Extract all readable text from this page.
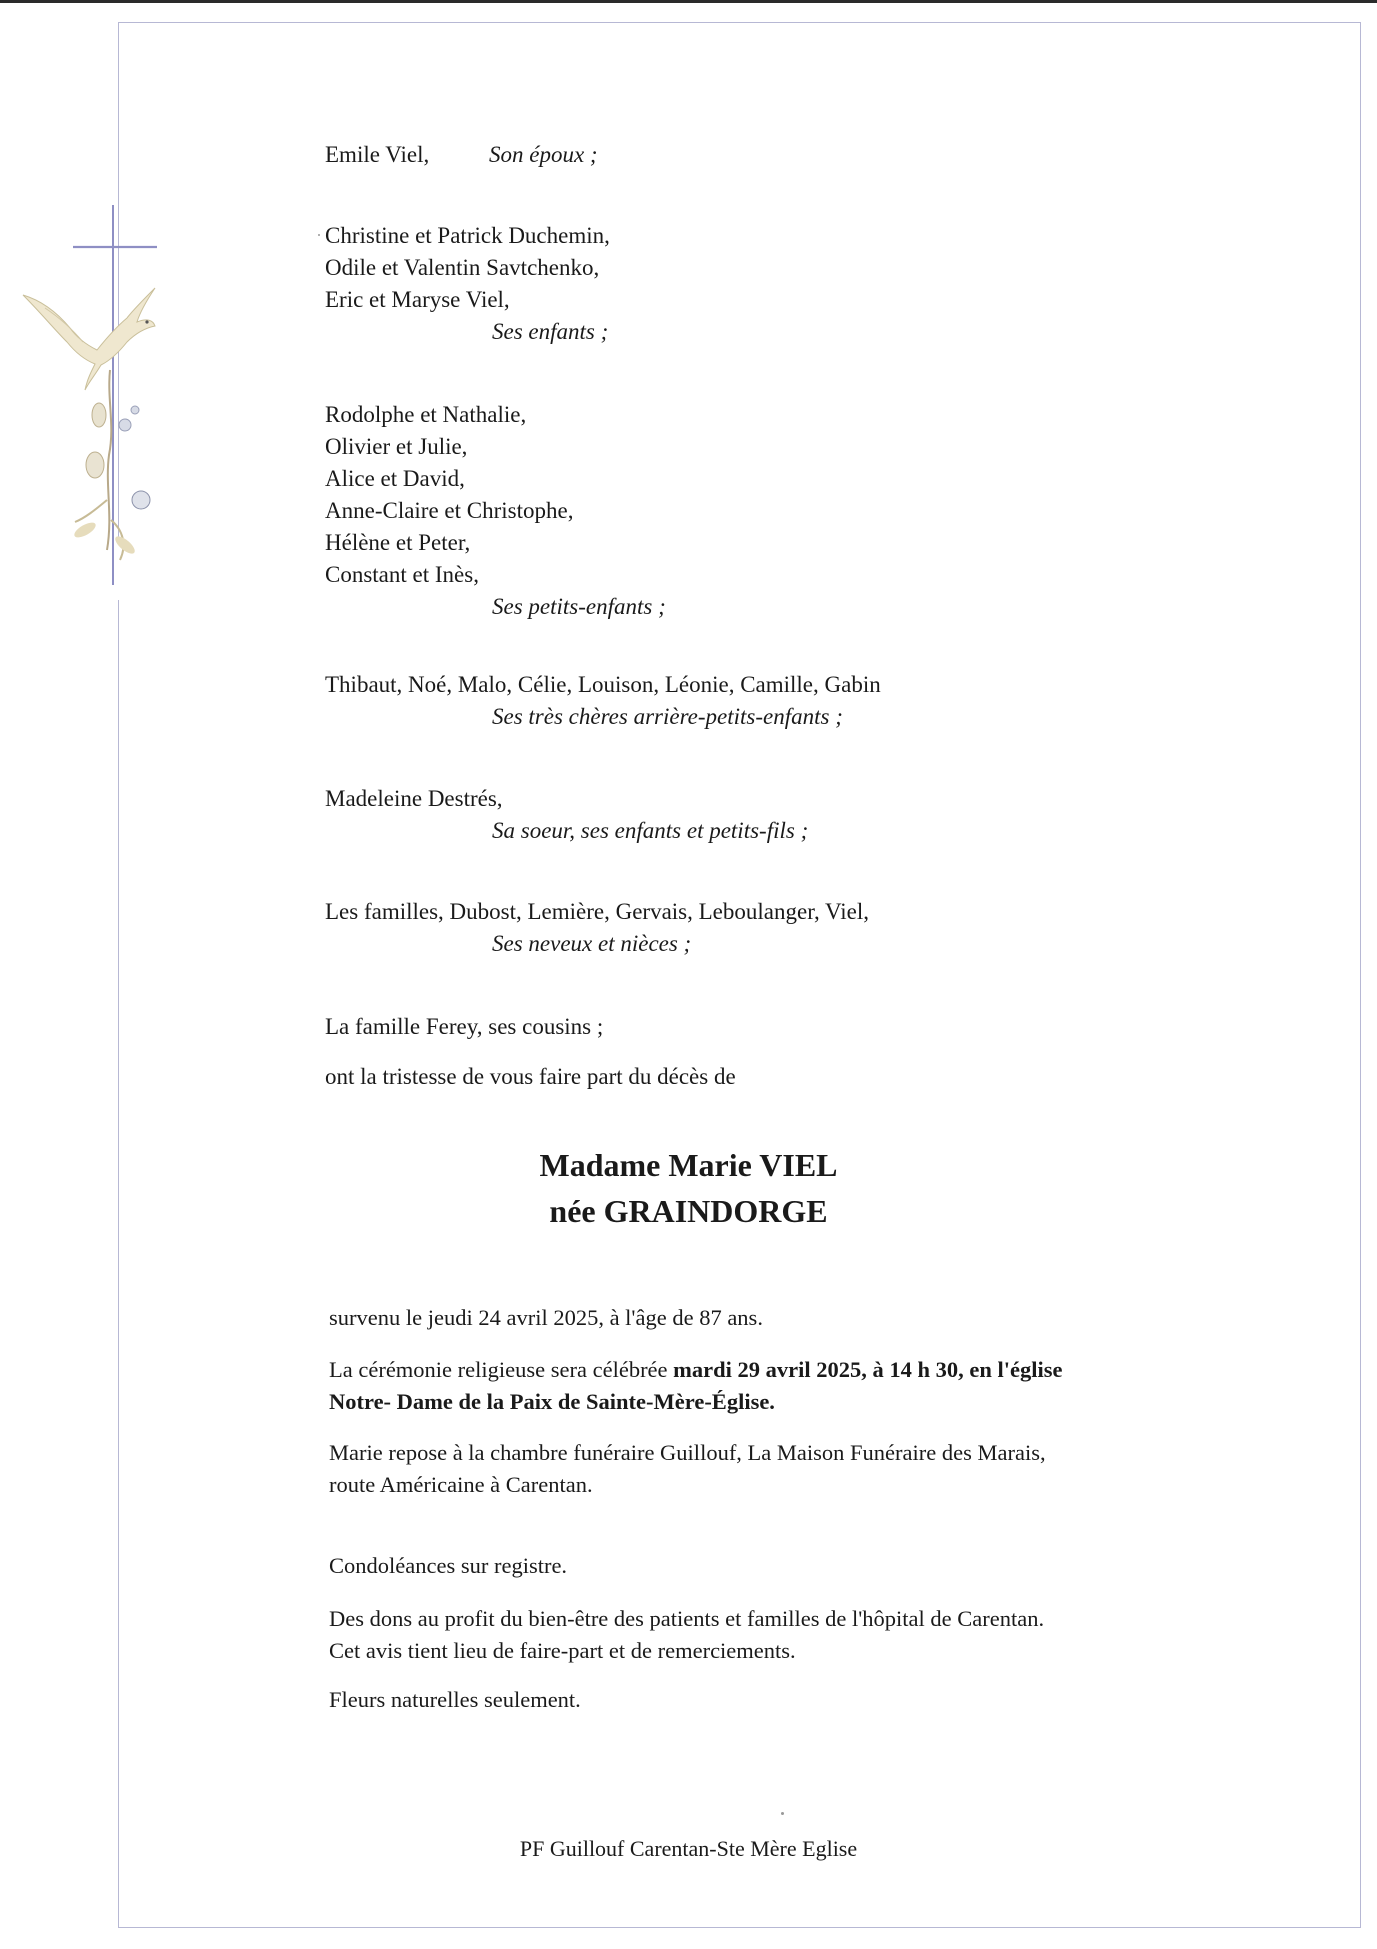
Emile Viel,	Son époux ;
Christine et Patrick Duchemin,
Odile et Valentin Savtchenko,
Eric et Maryse Viel,
Ses enfants ;
Rodolphe et Nathalie,
Olivier et Julie,
Alice et David,
Anne-Claire et Christophe,
Hélène et Peter,
Constant et Inès,
Ses petits-enfants ;
Thibaut, Noé, Malo, Célie, Louison, Léonie, Camille, Gabin
Ses très chères arrière-petits-enfants ;
Madeleine Destrés,
Sa soeur, ses enfants et petits-fils ;
Les familles, Dubost, Lemière, Gervais, Leboulanger, Viel,
Ses neveux et nièces ;
La famille Ferey, ses cousins ;
ont la tristesse de vous faire part du décès de
Madame Marie VIEL
née GRAINDORGE
survenu le jeudi 24 avril 2025, à l'âge de 87 ans.
La cérémonie religieuse sera célébrée mardi 29 avril 2025, à 14 h 30, en l'église
Notre- Dame de la Paix de Sainte-Mère-Église.
Marie repose à la chambre funéraire Guillouf, La Maison Funéraire des Marais,
route Américaine à Carentan.
Condoléances sur registre.
Des dons au profit du bien-être des patients et familles de l'hôpital de Carentan.
Cet avis tient lieu de faire-part et de remerciements.
Fleurs naturelles seulement.
PF Guillouf Carentan-Ste Mère Eglise
